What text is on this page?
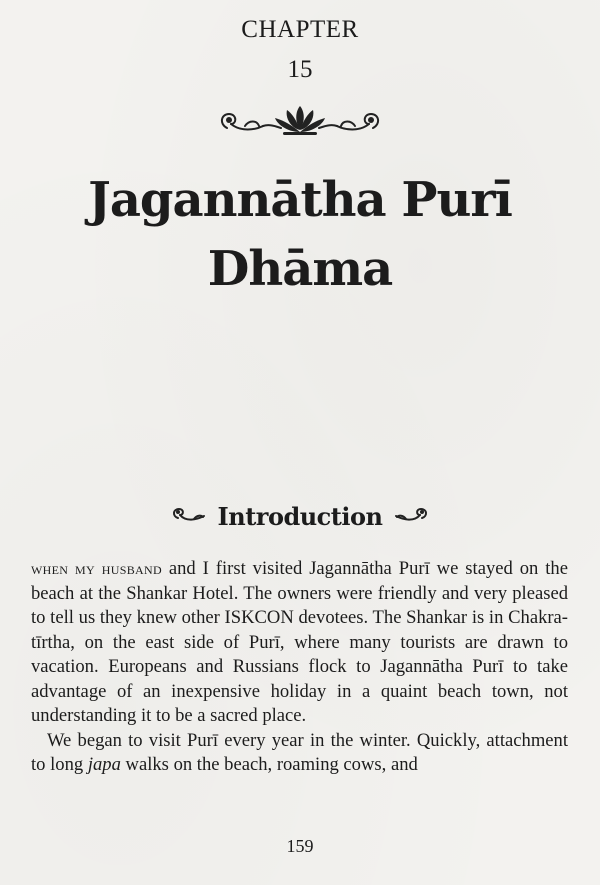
CHAPTER
15
Jagannātha Purī
Dhāma
Introduction

when my husband and I first visited Jagannātha Purī we stayed on the beach at the Shankar Hotel. The owners were friendly and very pleased to tell us they knew other ISKCON devotees. The Shankar is in Chakra-tīrtha, on the east side of Purī, where many tourists are drawn to vacation. Europeans and Russians flock to Jagannātha Purī to take advantage of an inexpensive holiday in a quaint beach town, not understanding it to be a sacred place.

We began to visit Purī every year in the winter. Quickly, attachment to long japa walks on the beach, roaming cows, and

159
